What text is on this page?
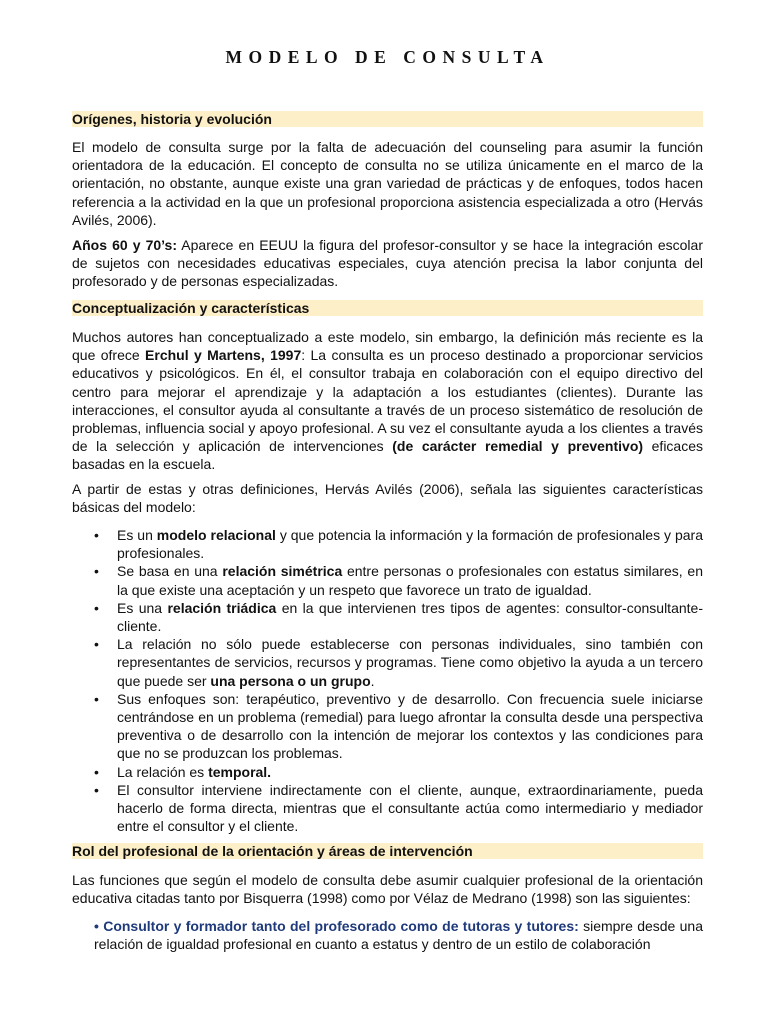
MODELO DE CONSULTA
Orígenes, historia y evolución

El modelo de consulta surge por la falta de adecuación del counseling para asumir la función orientadora de la educación. El concepto de consulta no se utiliza únicamente en el marco de la orientación, no obstante, aunque existe una gran variedad de prácticas y de enfoques, todos hacen referencia a la actividad en la que un profesional proporciona asistencia especializada a otro (Hervás Avilés, 2006).

Años 60 y 70’s: Aparece en EEUU la figura del profesor-consultor y se hace la integración escolar de sujetos con necesidades educativas especiales, cuya atención precisa la labor conjunta del profesorado y de personas especializadas.

Conceptualización y características

Muchos autores han conceptualizado a este modelo, sin embargo, la definición más reciente es la que ofrece Erchul y Martens, 1997: La consulta es un proceso destinado a proporcionar servicios educativos y psicológicos. En él, el consultor trabaja en colaboración con el equipo directivo del centro para mejorar el aprendizaje y la adaptación a los estudiantes (clientes). Durante las interacciones, el consultor ayuda al consultante a través de un proceso sistemático de resolución de problemas, influencia social y apoyo profesional. A su vez el consultante ayuda a los clientes a través de la selección y aplicación de intervenciones (de carácter remedial y preventivo) eficaces basadas en la escuela.

A partir de estas y otras definiciones, Hervás Avilés (2006), señala las siguientes características básicas del modelo:

• Es un modelo relacional y que potencia la información y la formación de profesionales y para profesionales.
• Se basa en una relación simétrica entre personas o profesionales con estatus similares, en la que existe una aceptación y un respeto que favorece un trato de igualdad.
• Es una relación triádica en la que intervienen tres tipos de agentes: consultor-consultante-cliente.
• La relación no sólo puede establecerse con personas individuales, sino también con representantes de servicios, recursos y programas. Tiene como objetivo la ayuda a un tercero que puede ser una persona o un grupo.
• Sus enfoques son: terapéutico, preventivo y de desarrollo. Con frecuencia suele iniciarse centrándose en un problema (remedial) para luego afrontar la consulta desde una perspectiva preventiva o de desarrollo con la intención de mejorar los contextos y las condiciones para que no se produzcan los problemas.
• La relación es temporal.
• El consultor interviene indirectamente con el cliente, aunque, extraordinariamente, pueda hacerlo de forma directa, mientras que el consultante actúa como intermediario y mediador entre el consultor y el cliente.
Rol del profesional de la orientación y áreas de intervención

Las funciones que según el modelo de consulta debe asumir cualquier profesional de la orientación educativa citadas tanto por Bisquerra (1998) como por Vélaz de Medrano (1998) son las siguientes:

• Consultor y formador tanto del profesorado como de tutoras y tutores: siempre desde una relación de igualdad profesional en cuanto a estatus y dentro de un estilo de colaboración
